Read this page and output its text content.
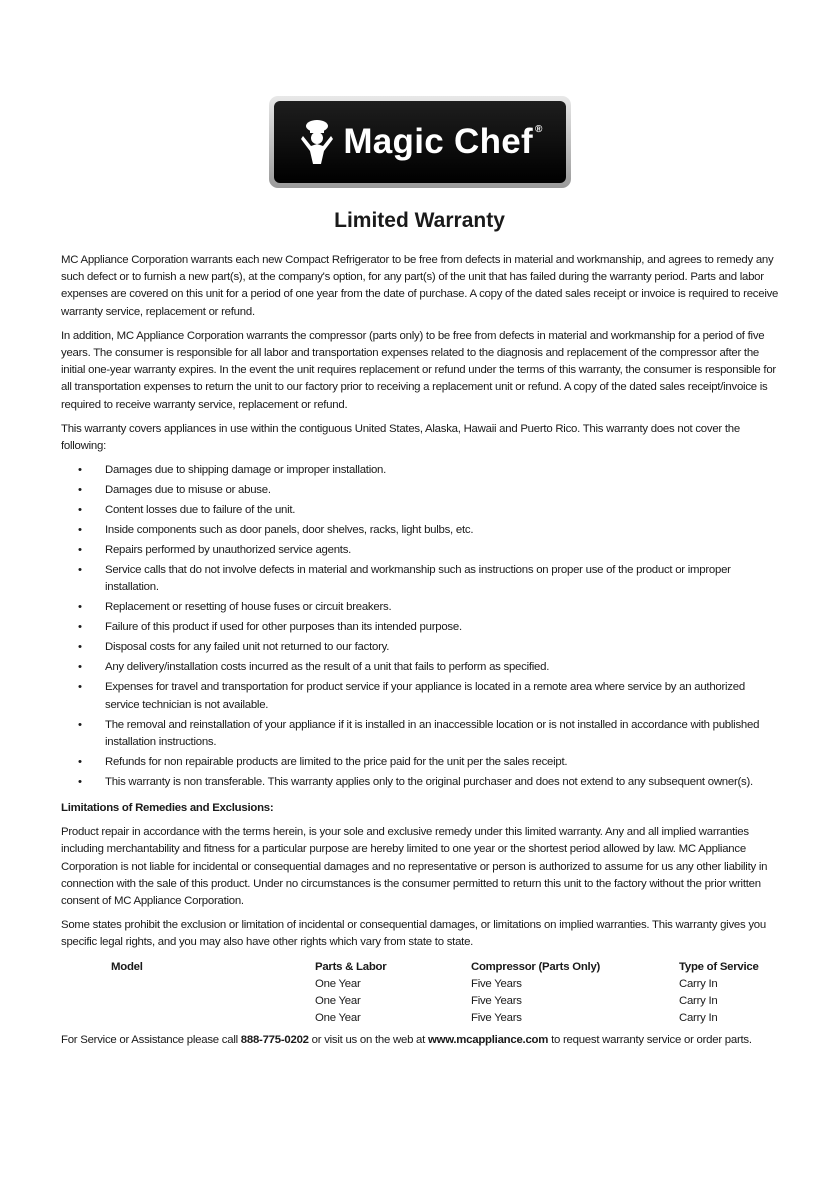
Magic Chef®
Limited Warranty

MC Appliance Corporation warrants each new Compact Refrigerator to be free from defects in material and workmanship, and agrees to remedy any such defect or to furnish a new part(s), at the company's option, for any part(s) of the unit that has failed during the warranty period. Parts and labor expenses are covered on this unit for a period of one year from the date of purchase. A copy of the dated sales receipt or invoice is required to receive warranty service, replacement or refund.

In addition, MC Appliance Corporation warrants the compressor (parts only) to be free from defects in material and workmanship for a period of five years. The consumer is responsible for all labor and transportation expenses related to the diagnosis and replacement of the compressor after the initial one-year warranty expires. In the event the unit requires replacement or refund under the terms of this warranty, the consumer is responsible for all transportation expenses to return the unit to our factory prior to receiving a replacement unit or refund. A copy of the dated sales receipt/invoice is required to receive warranty service, replacement or refund.

This warranty covers appliances in use within the contiguous United States, Alaska, Hawaii and Puerto Rico. This warranty does not cover the following:

• Damages due to shipping damage or improper installation.
• Damages due to misuse or abuse.
• Content losses due to failure of the unit.
• Inside components such as door panels, door shelves, racks, light bulbs, etc.
• Repairs performed by unauthorized service agents.
• Service calls that do not involve defects in material and workmanship such as instructions on proper use of the product or improper installation.
• Replacement or resetting of house fuses or circuit breakers.
• Failure of this product if used for other purposes than its intended purpose.
• Disposal costs for any failed unit not returned to our factory.
• Any delivery/installation costs incurred as the result of a unit that fails to perform as specified.
• Expenses for travel and transportation for product service if your appliance is located in a remote area where service by an authorized service technician is not available.
• The removal and reinstallation of your appliance if it is installed in an inaccessible location or is not installed in accordance with published installation instructions.
• Refunds for non repairable products are limited to the price paid for the unit per the sales receipt.
• This warranty is non transferable. This warranty applies only to the original purchaser and does not extend to any subsequent owner(s).

Limitations of Remedies and Exclusions:

Product repair in accordance with the terms herein, is your sole and exclusive remedy under this limited warranty. Any and all implied warranties including merchantability and fitness for a particular purpose are hereby limited to one year or the shortest period allowed by law. MC Appliance Corporation is not liable for incidental or consequential damages and no representative or person is authorized to assume for us any other liability in connection with the sale of this product. Under no circumstances is the consumer permitted to return this unit to the factory without the prior written consent of MC Appliance Corporation.

Some states prohibit the exclusion or limitation of incidental or consequential damages, or limitations on implied warranties. This warranty gives you specific legal rights, and you may also have other rights which vary from state to state.

Model	Parts & Labor	Compressor (Parts Only)	Type of Service
	One Year	Five Years	Carry In
	One Year	Five Years	Carry In
	One Year	Five Years	Carry In

For Service or Assistance please call 888-775-0202 or visit us on the web at www.mcappliance.com to request warranty service or order parts.
